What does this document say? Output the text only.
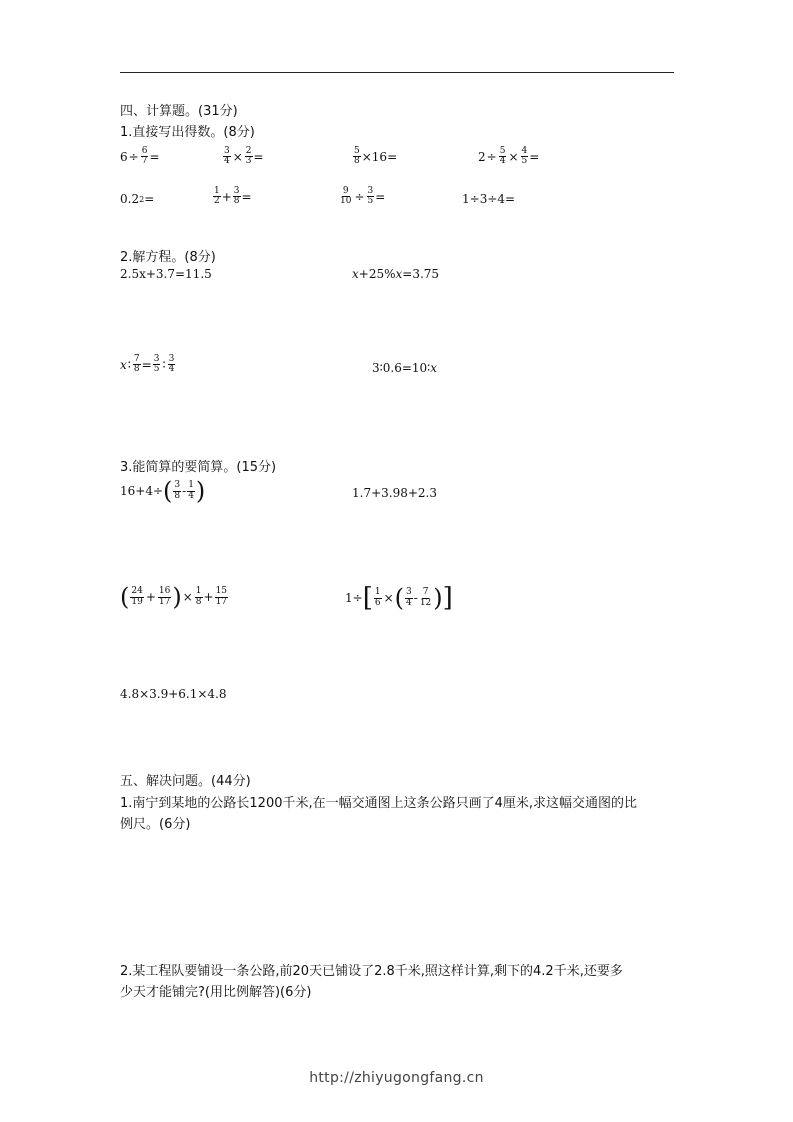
四、计算题。(31分)
1.直接写出得数。(8分)
$6 \div \frac{6}{7}$ =	$\frac{3}{4} \times \frac{2}{3}$ =	$\frac{5}{8} \times 16$ =	$2 \div \frac{5}{4} \times \frac{4}{5}$ =
0.2 2 =	$\frac{1}{2} + \frac{3}{8}$ =	$\frac{9}{10} \div \frac{3}{5}$ =	1÷3÷4=
2.解方程。(8分)
2.5x+3.7=11.5	x +25% x =3.75
x ∶ $\frac{7}{8} = \frac{3}{5}$ ∶ $\frac{3}{4}$	3∶0.6=10∶ x
3.能简算的要简算。(15分)
16+4÷ ( $\frac{3}{8} - \frac{1}{4}$ )	1.7+3.98+2.3
( $\frac{24}{19} + \frac{16}{17}$ ) × $\frac{1}{8} + \frac{15}{17}$	1÷ [ $\frac{1}{6}$ × ( $\frac{3}{4} - \frac{7}{12}$ ) ]
4.8×3.9+6.1×4.8
五、解决问题。(44分)
1.南宁到某地的公路长1200千米,在一幅交通图上这条公路只画了4厘米,求这幅交通图的比
例尺。(6分)
2.某工程队要铺设一条公路,前20天已铺设了2.8千米,照这样计算,剩下的4.2千米,还要多
少天才能铺完?(用比例解答)(6分)
http://zhiyugongfang.cn
